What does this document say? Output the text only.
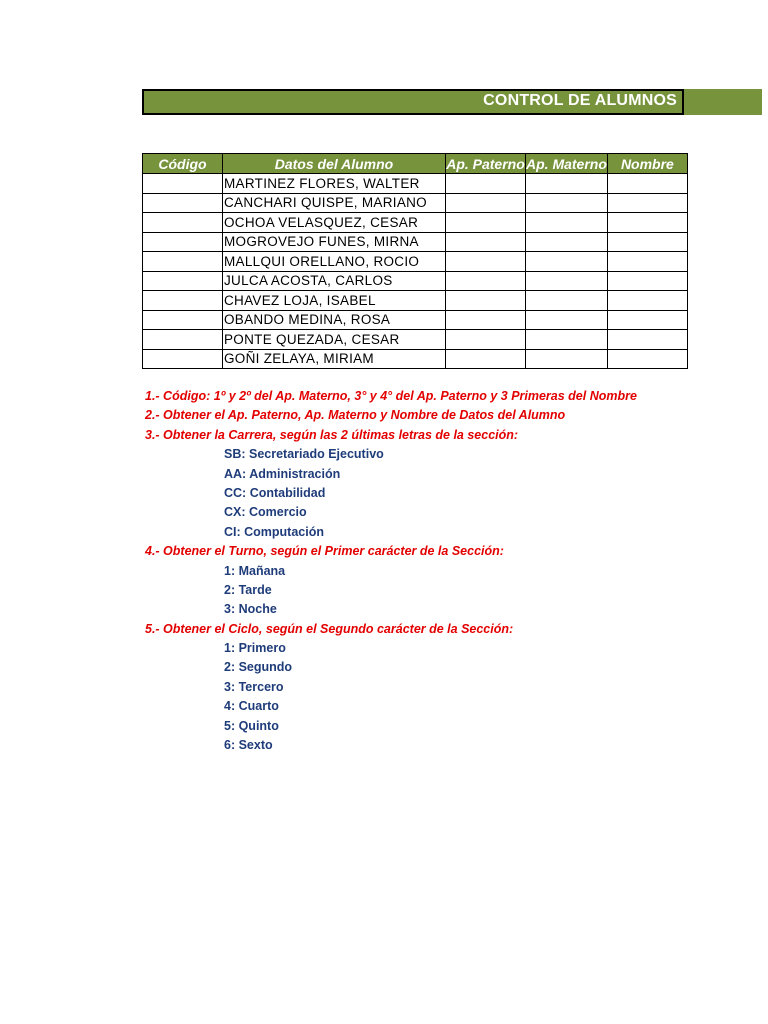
CONTROL DE ALUMNOS
Código	Datos del Alumno	Ap. Paterno	Ap. Materno	Nombre

	MARTINEZ FLORES, WALTER			
	CANCHARI QUISPE, MARIANO			
	OCHOA VELASQUEZ, CESAR			
	MOGROVEJO FUNES, MIRNA			
	MALLQUI ORELLANO, ROCIO			
	JULCA ACOSTA, CARLOS			
	CHAVEZ LOJA, ISABEL			
	OBANDO MEDINA, ROSA			
	PONTE QUEZADA, CESAR			
	GOÑI ZELAYA, MIRIAM			
1.- Código: 1º y 2º del Ap. Materno, 3° y 4° del Ap. Paterno y 3 Primeras del Nombre
2.- Obtener el Ap. Paterno, Ap. Materno y Nombre de Datos del Alumno
3.- Obtener la Carrera, según las 2 últimas letras de la sección:
SB: Secretariado Ejecutivo
AA: Administración
CC: Contabilidad
CX: Comercio
CI: Computación
4.- Obtener el Turno, según el Primer carácter de la Sección:
1: Mañana
2: Tarde
3: Noche
5.- Obtener el Ciclo, según el Segundo carácter de la Sección:
1: Primero
2: Segundo
3: Tercero
4: Cuarto
5: Quinto
6: Sexto
